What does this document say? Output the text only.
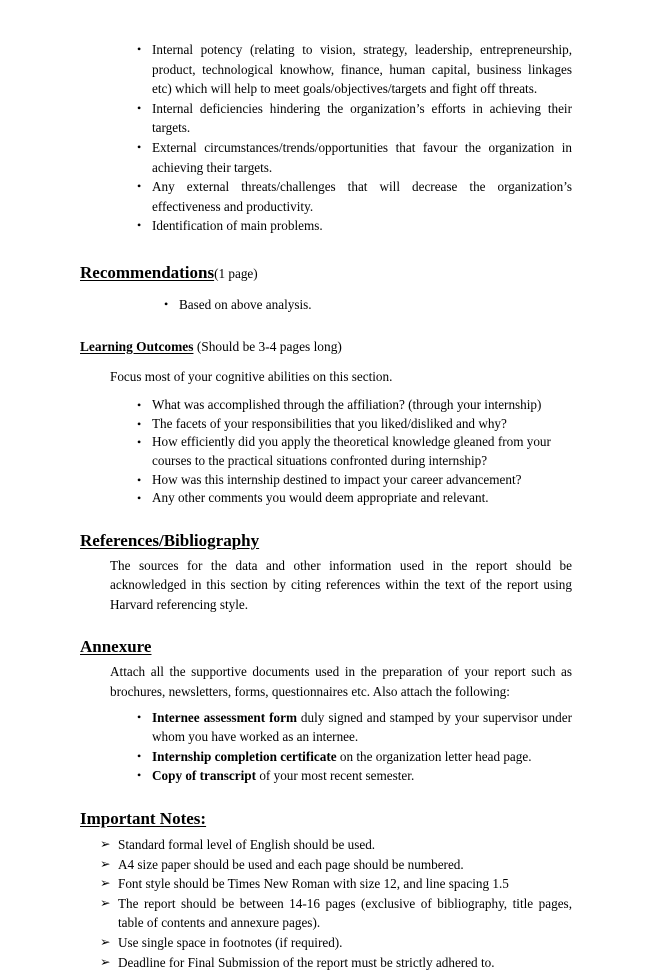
• Internal potency (relating to vision, strategy, leadership, entrepreneurship, product, technological knowhow, finance, human capital, business linkages etc) which will help to meet goals/objectives/targets and fight off threats.
• Internal deficiencies hindering the organization’s efforts in achieving their targets.
• External circumstances/trends/opportunities that favour the organization in achieving their targets.
• Any external threats/challenges that will decrease the organization’s effectiveness and productivity.
• Identification of main problems.

Recommendations(1 page)

• Based on above analysis.

Learning Outcomes (Should be 3-4 pages long)

Focus most of your cognitive abilities on this section.

• What was accomplished through the affiliation? (through your internship)
• The facets of your responsibilities that you liked/disliked and why?
• How efficiently did you apply the theoretical knowledge gleaned from your courses to the practical situations confronted during internship?
• How was this internship destined to impact your career advancement?
• Any other comments you would deem appropriate and relevant.

References/Bibliography

The sources for the data and other information used in the report should be acknowledged in this section by citing references within the text of the report using Harvard referencing style.

Annexure

Attach all the supportive documents used in the preparation of your report such as brochures, newsletters, forms, questionnaires etc. Also attach the following:

• Internee assessment form duly signed and stamped by your supervisor under whom you have worked as an internee.
• Internship completion certificate on the organization letter head page.
• Copy of transcript of your most recent semester.

Important Notes:

➢ Standard formal level of English should be used.
➢ A4 size paper should be used and each page should be numbered.
➢ Font style should be Times New Roman with size 12, and line spacing 1.5
➢ The report should be between 14-16 pages (exclusive of bibliography, title pages, table of contents and annexure pages).
➢ Use single space in footnotes (if required).
➢ Deadline for Final Submission of the report must be strictly adhered to.
